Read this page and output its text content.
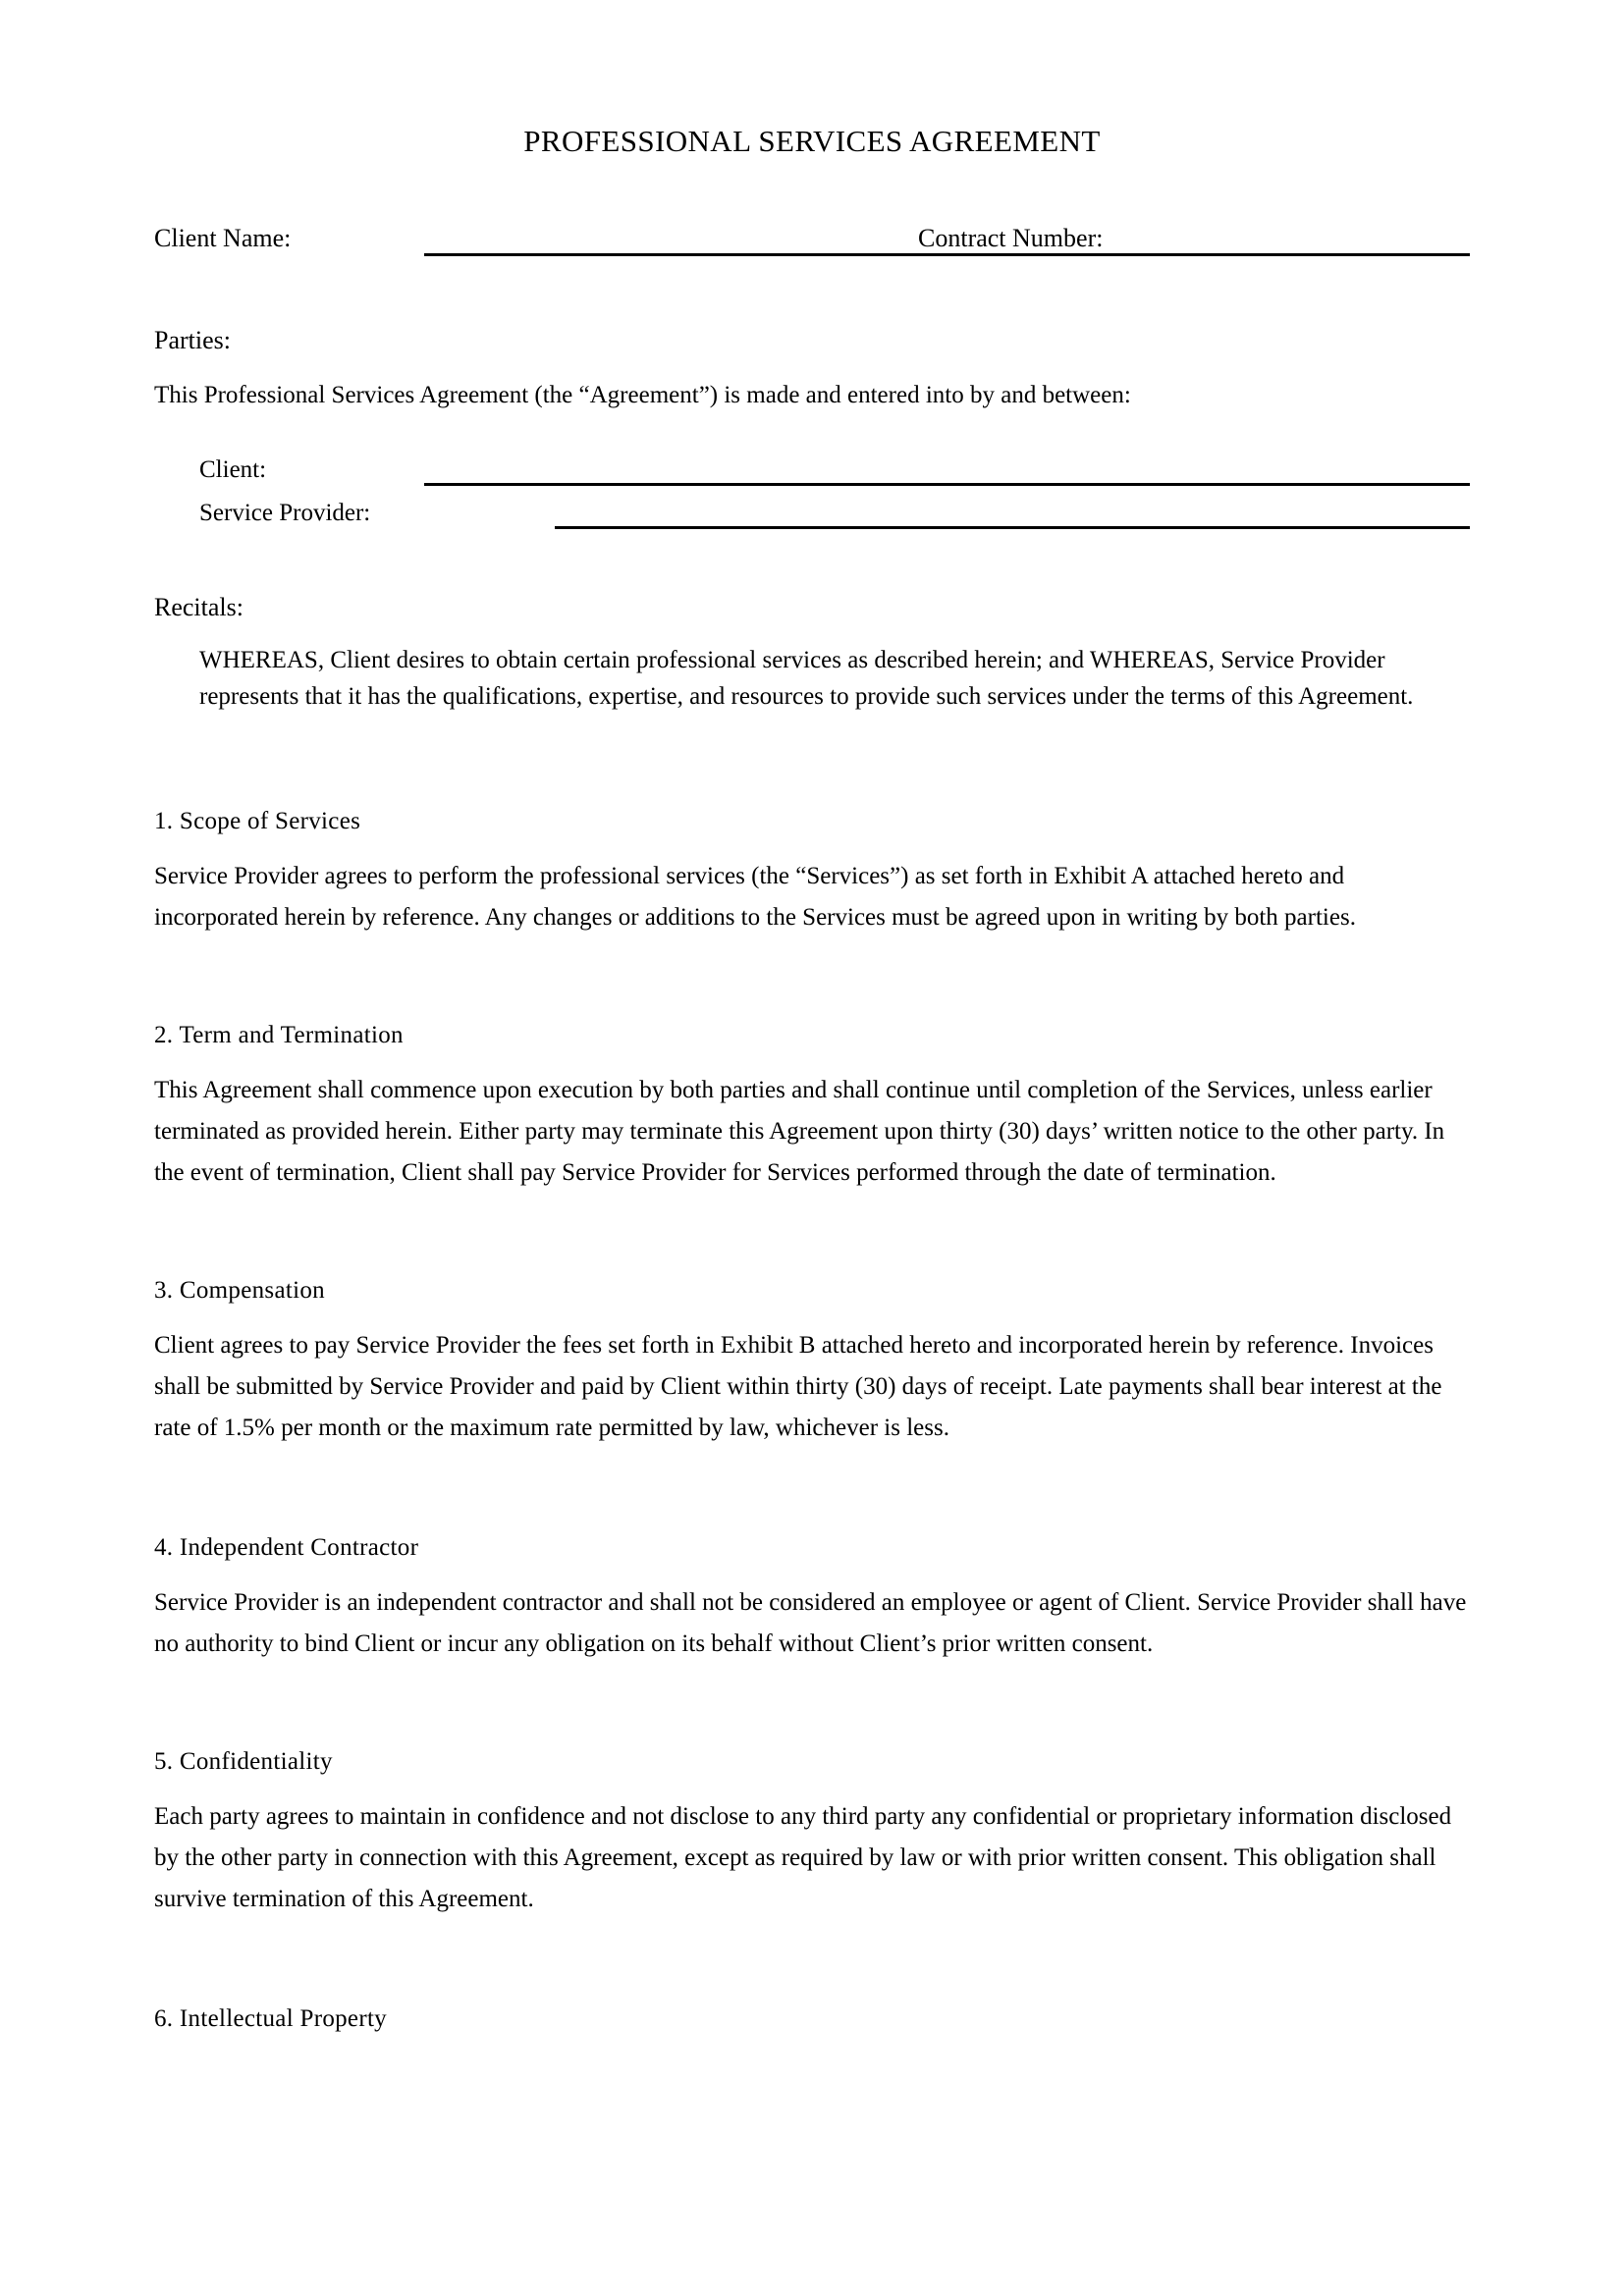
PROFESSIONAL SERVICES AGREEMENT
Client Name:	Contract Number:
Parties:

This Professional Services Agreement (the “Agreement”) is made and entered into by and between:

Client:
Service Provider:
Recitals:

WHEREAS, Client desires to obtain certain professional services as described herein; and WHEREAS, Service Provider represents that it has the qualifications, expertise, and resources to provide such services under the terms of this Agreement.

1. Scope of Services

Service Provider agrees to perform the professional services (the “Services”) as set forth in Exhibit A attached hereto and incorporated herein by reference. Any changes or additions to the Services must be agreed upon in writing by both parties.

2. Term and Termination

This Agreement shall commence upon execution by both parties and shall continue until completion of the Services, unless earlier terminated as provided herein. Either party may terminate this Agreement upon thirty (30) days’ written notice to the other party. In the event of termination, Client shall pay Service Provider for Services performed through the date of termination.

3. Compensation

Client agrees to pay Service Provider the fees set forth in Exhibit B attached hereto and incorporated herein by reference. Invoices shall be submitted by Service Provider and paid by Client within thirty (30) days of receipt. Late payments shall bear interest at the rate of 1.5% per month or the maximum rate permitted by law, whichever is less.

4. Independent Contractor

Service Provider is an independent contractor and shall not be considered an employee or agent of Client. Service Provider shall have no authority to bind Client or incur any obligation on its behalf without Client’s prior written consent.

5. Confidentiality

Each party agrees to maintain in confidence and not disclose to any third party any confidential or proprietary information disclosed by the other party in connection with this Agreement, except as required by law or with prior written consent. This obligation shall survive termination of this Agreement.

6. Intellectual Property
